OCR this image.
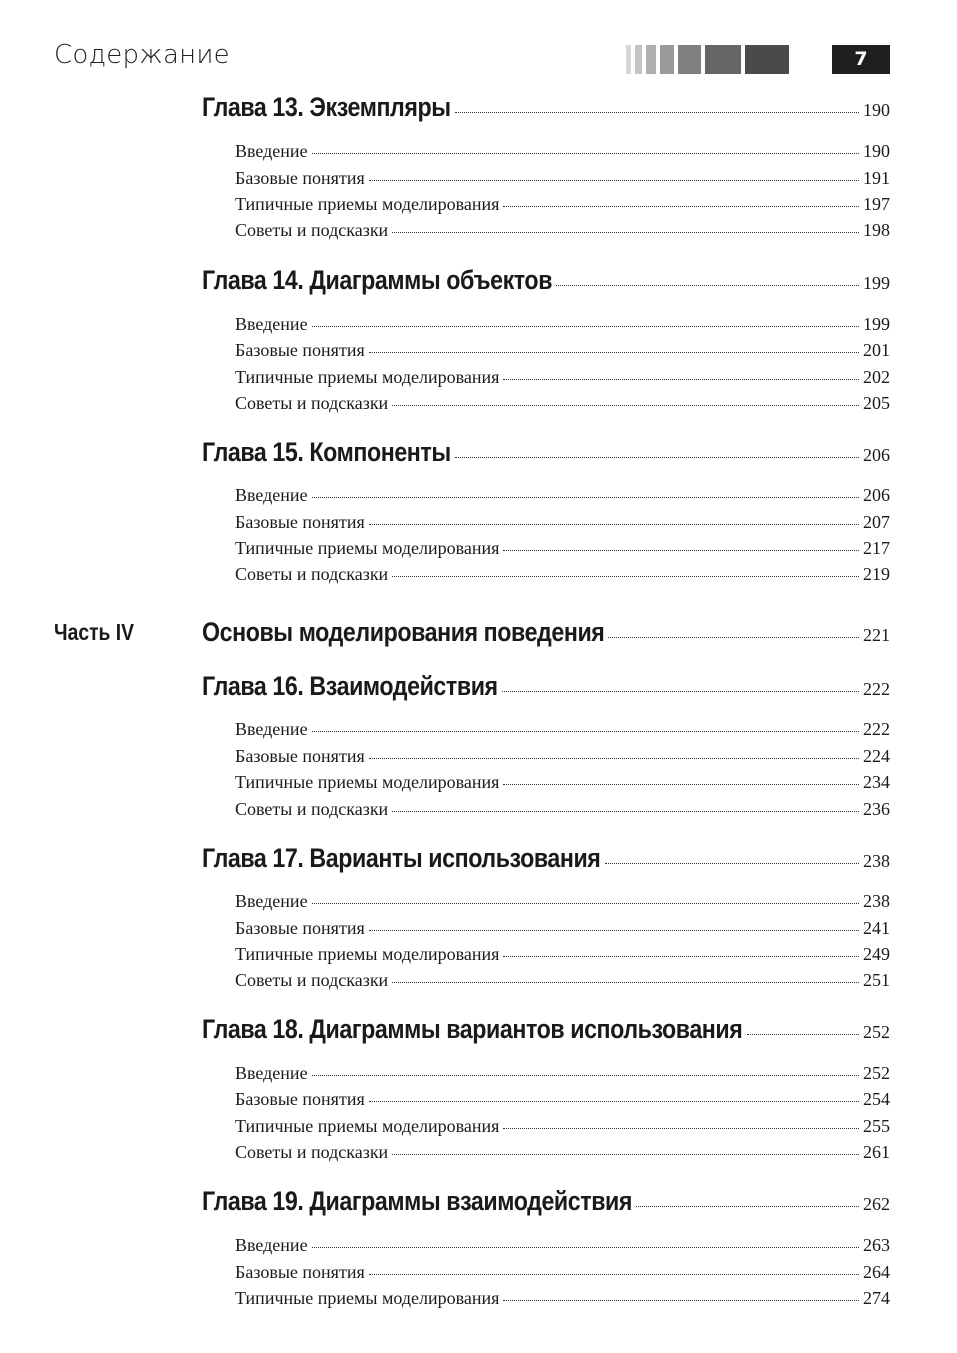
Содержание	7
Глава 13. Экземпляры	190
Введение	190
Базовые понятия	191
Типичные приемы моделирования	197
Советы и подсказки	198
Глава 14. Диаграммы объектов	199
Введение	199
Базовые понятия	201
Типичные приемы моделирования	202
Советы и подсказки	205
Глава 15. Компоненты	206
Введение	206
Базовые понятия	207
Типичные приемы моделирования	217
Советы и подсказки	219
Часть IV	Основы моделирования поведения	221
Глава 16. Взаимодействия	222
Введение	222
Базовые понятия	224
Типичные приемы моделирования	234
Советы и подсказки	236
Глава 17. Варианты использования	238
Введение	238
Базовые понятия	241
Типичные приемы моделирования	249
Советы и подсказки	251
Глава 18. Диаграммы вариантов использования	252
Введение	252
Базовые понятия	254
Типичные приемы моделирования	255
Советы и подсказки	261
Глава 19. Диаграммы взаимодействия	262
Введение	263
Базовые понятия	264
Типичные приемы моделирования	274
